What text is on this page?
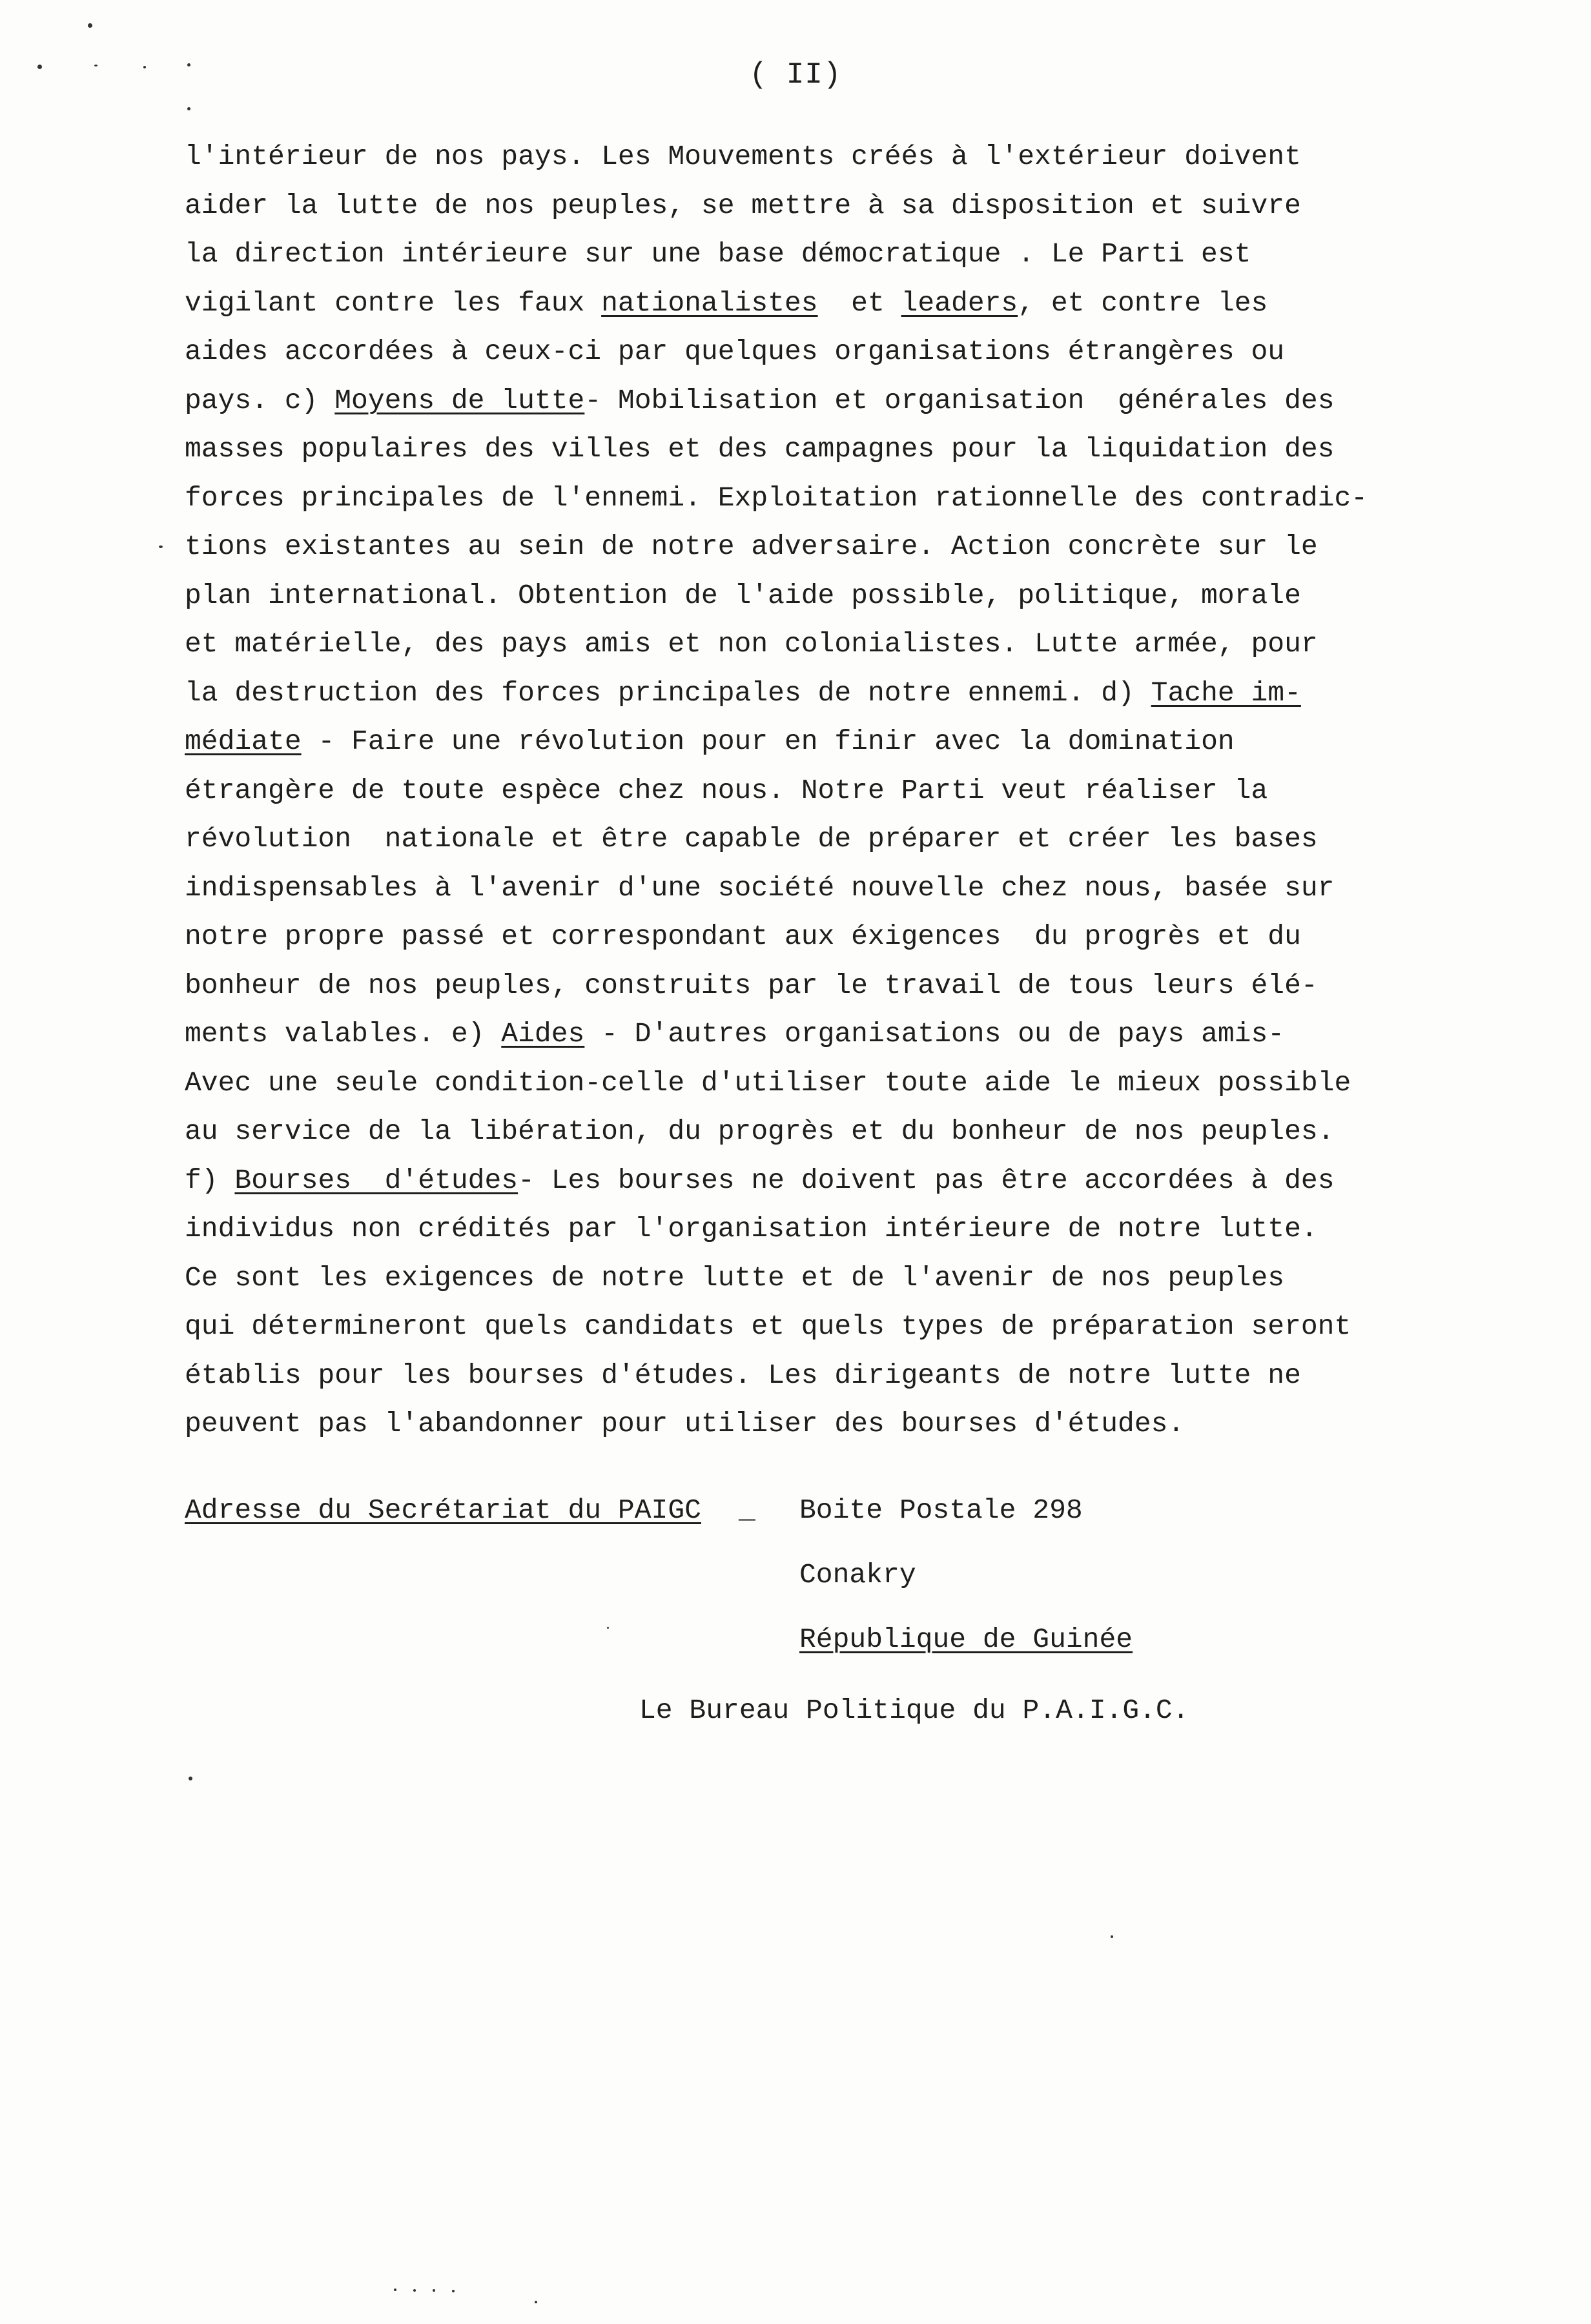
( II)
l'intérieur de nos pays. Les Mouvements créés à l'extérieur doivent
aider la lutte de nos peuples, se mettre à sa disposition et suivre
la direction intérieure sur une base démocratique . Le Parti est
vigilant contre les faux nationalistes  et leaders, et contre les
aides accordées à ceux-ci par quelques organisations étrangères ou
pays. c) Moyens de lutte- Mobilisation et organisation  générales des
masses populaires des villes et des campagnes pour la liquidation des
forces principales de l'ennemi. Exploitation rationnelle des contradic-
tions existantes au sein de notre adversaire. Action concrète sur le
plan international. Obtention de l'aide possible, politique, morale
et matérielle, des pays amis et non colonialistes. Lutte armée, pour
la destruction des forces principales de notre ennemi. d) Tache im-
médiate - Faire une révolution pour en finir avec la domination
étrangère de toute espèce chez nous. Notre Parti veut réaliser la
révolution  nationale et être capable de préparer et créer les bases
indispensables à l'avenir d'une société nouvelle chez nous, basée sur
notre propre passé et correspondant aux éxigences  du progrès et du
bonheur de nos peuples, construits par le travail de tous leurs élé-
ments valables. e) Aides - D'autres organisations ou de pays amis-
Avec une seule condition-celle d'utiliser toute aide le mieux possible
au service de la libération, du progrès et du bonheur de nos peuples.
f) Bourses  d'études- Les bourses ne doivent pas être accordées à des
individus non crédités par l'organisation intérieure de notre lutte.
Ce sont les exigences de notre lutte et de l'avenir de nos peuples
qui détermineront quels candidats et quels types de préparation seront
établis pour les bourses d'études. Les dirigeants de notre lutte ne
peuvent pas l'abandonner pour utiliser des bourses d'études.

Adresse du Secrétariat du PAIGC

_

Boite Postale 298

Conakry

République de Guinée

Le Bureau Politique du P.A.I.G.C.
